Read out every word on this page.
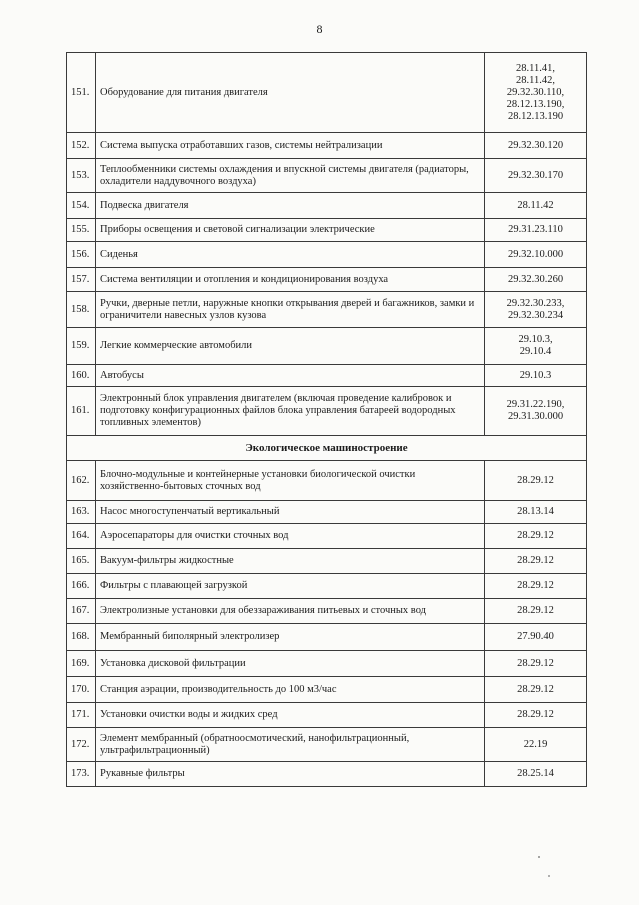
8
151.	Оборудование для питания двигателя	28.11.41,
28.11.42,
29.32.30.110,
28.12.13.190,
28.12.13.190

152.	Система выпуска отработавших газов, системы нейтрализации	29.32.30.120

153.	Теплообменники системы охлаждения и впускной системы двигателя (радиаторы, охладители наддувочного воздуха)	29.32.30.170

154.	Подвеска двигателя	28.11.42

155.	Приборы освещения и световой сигнализации электрические	29.31.23.110

156.	Сиденья	29.32.10.000

157.	Система вентиляции и отопления и кондиционирования воздуха	29.32.30.260

158.	Ручки, дверные петли, наружные кнопки открывания дверей и багажников, замки и ограничители навесных узлов кузова	29.32.30.233,
29.32.30.234

159.	Легкие коммерческие автомобили	29.10.3,
29.10.4

160.	Автобусы	29.10.3

161.	Электронный блок управления двигателем (включая проведение калибровок и подготовку конфигурационных файлов блока управления батареей водородных топливных элементов)	29.31.22.190,
29.31.30.000

Экологическое машиностроение		
162.	Блочно-модульные и контейнерные установки биологической очистки хозяйственно-бытовых сточных вод	28.29.12

163.	Насос многоступенчатый вертикальный	28.13.14

164.	Аэросепараторы для очистки сточных вод	28.29.12

165.	Вакуум-фильтры жидкостные	28.29.12

166.	Фильтры с плавающей загрузкой	28.29.12

167.	Электролизные установки для обеззараживания питьевых и сточных вод	28.29.12

168.	Мембранный биполярный электролизер	27.90.40

169.	Установка дисковой фильтрации	28.29.12

170.	Станция аэрации, производительность до 100 м3/час	28.29.12

171.	Установки очистки воды и жидких сред	28.29.12

172.	Элемент мембранный (обратноосмотический, нанофильтрационный, ультрафильтрационный)	22.19

173.	Рукавные фильтры	28.25.14
